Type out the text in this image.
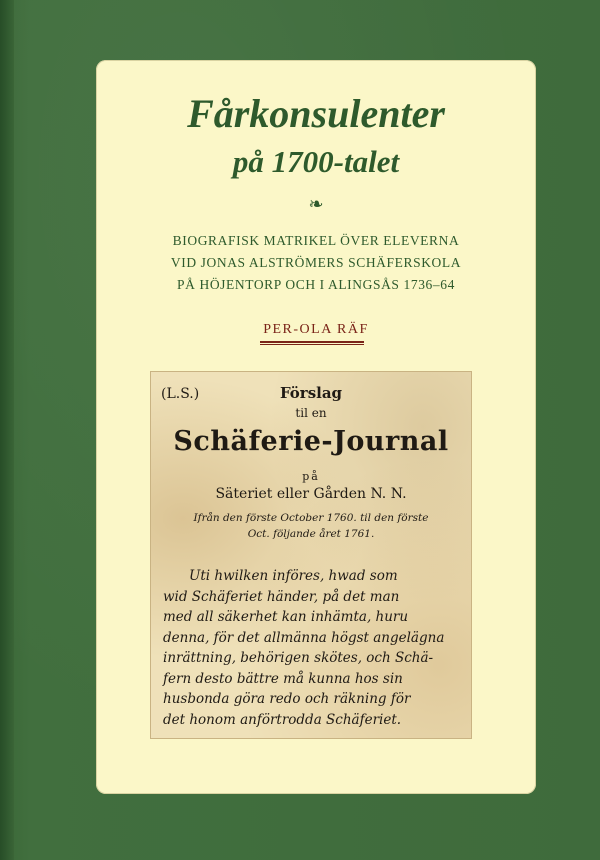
Fårkonsulenter
på 1700-talet
❧
BIOGRAFISK MATRIKEL ÖVER ELEVERNA
VID JONAS ALSTRÖMERS SCHÄFERSKOLA
PÅ HÖJENTORP OCH I ALINGSÅS 1736–64
PER-OLA RÄF
(L.S.)	Förslag
til en
Schäferie-Journal
på
Säteriet eller Gården N. N.
Ifrån den förste October 1760. til den förste
Oct. följande året 1761.
Uti hwilken införes, hwad som
wid Schäferiet händer, på det man
med all säkerhet kan inhämta, huru
denna, för det allmänna högst angelägna
inrättning, behörigen skötes, och Schä-
fern desto bättre må kunna hos sin
husbonda göra redo och räkning för
det honom anförtrodda Schäferiet.
